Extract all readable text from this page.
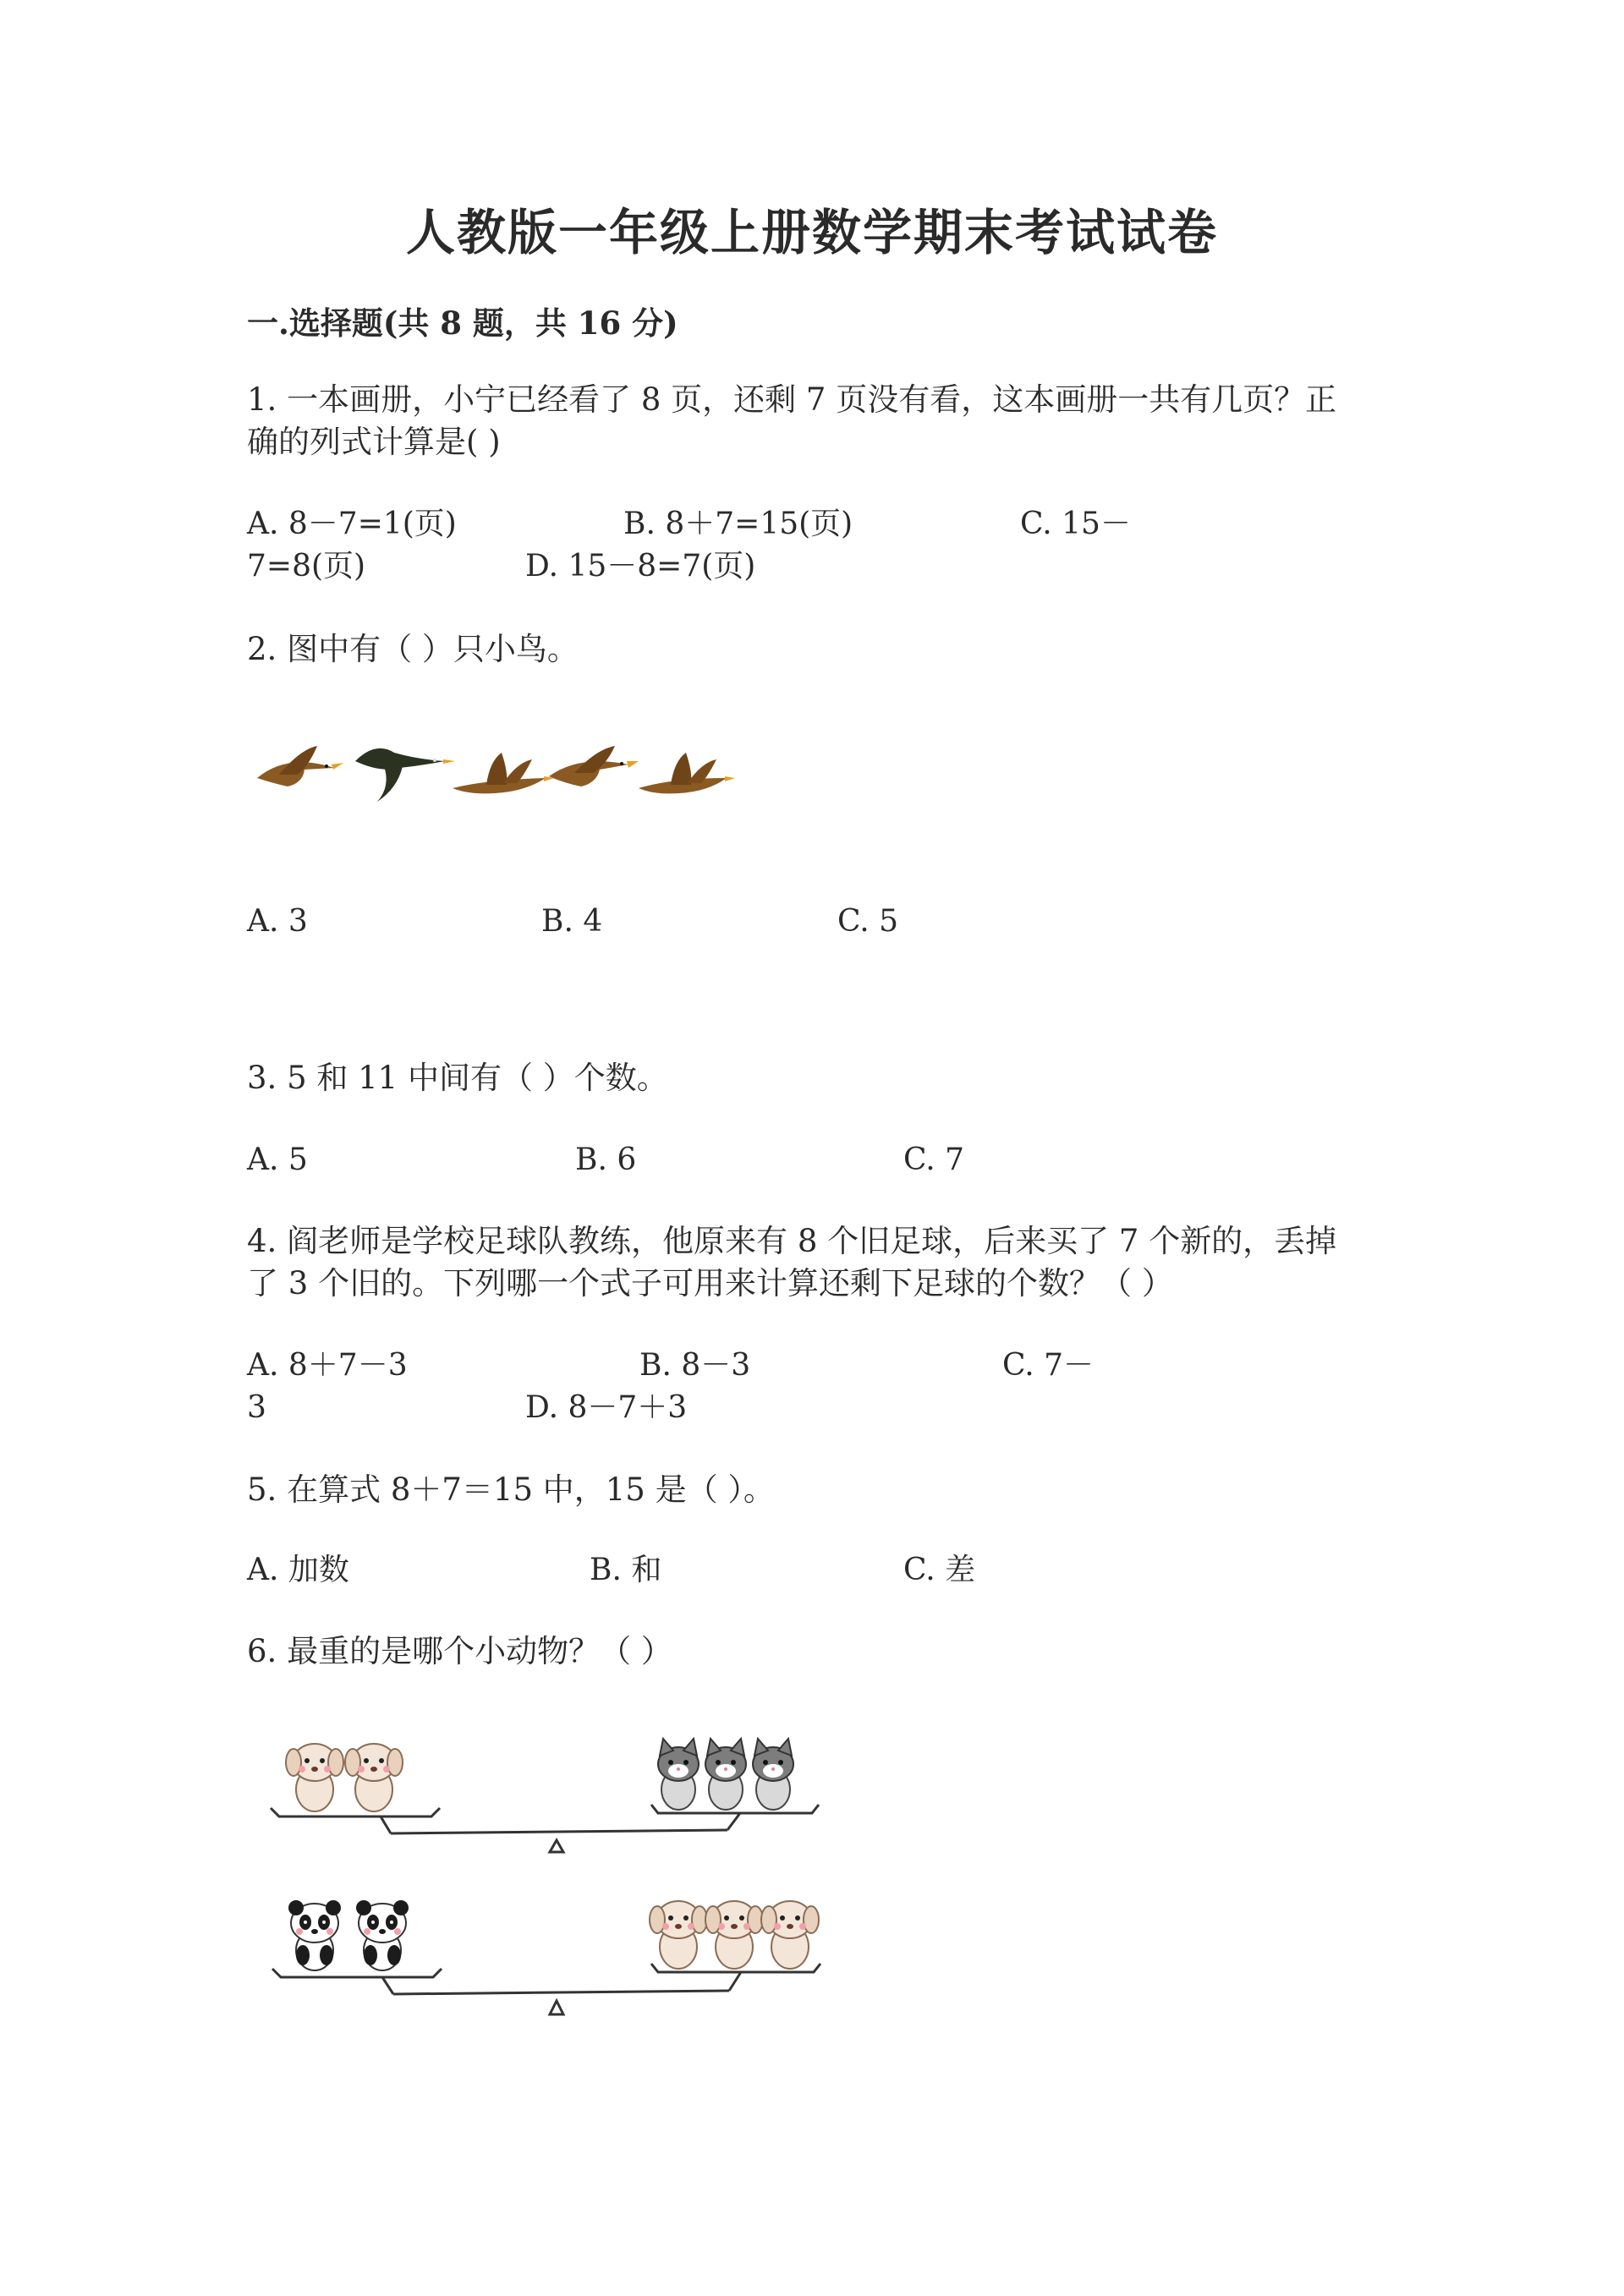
人教版一年级上册数学期末考试试卷
一.选择题(共 8 题，共 16 分)
1. 一本画册，小宁已经看了 8 页，还剩 7 页没有看，这本画册一共有几页？正
确的列式计算是( )
A. 8－7=1(页)	B. 8＋7=15(页)	C. 15－
7=8(页)	D. 15－8=7(页)
2. 图中有（ ）只小鸟。
A. 3	B. 4	C. 5
3. 5 和 11 中间有（ ）个数。
A. 5	B. 6	C. 7
4. 阎老师是学校足球队教练，他原来有 8 个旧足球，后来买了 7 个新的，丢掉
了 3 个旧的。下列哪一个式子可用来计算还剩下足球的个数？（ ）
A. 8＋7－3	B. 8－3	C. 7－
3	D. 8－7＋3
5. 在算式 8＋7＝15 中，15 是（ ）。
A. 加数	B. 和	C. 差
6. 最重的是哪个小动物？（ ）
